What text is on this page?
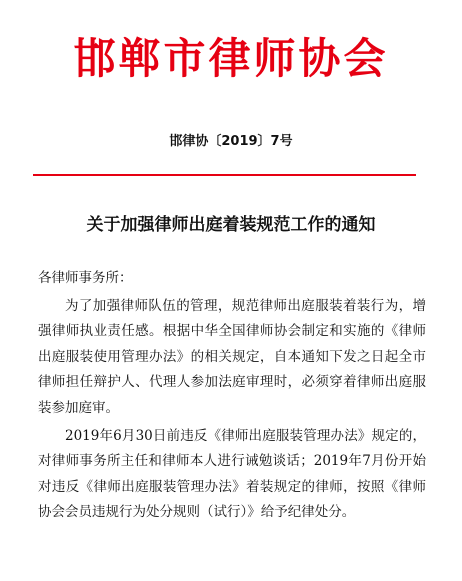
邯郸市律师协会
邯律协〔2019〕7号
关于加强律师出庭着装规范工作的通知

各律师事务所：

为了加强律师队伍的管理，规范律师出庭服装着装行为，增强律师执业责任感。根据中华全国律师协会制定和实施的《律师出庭服装使用管理办法》的相关规定，自本通知下发之日起全市律师担任辩护人、代理人参加法庭审理时，必须穿着律师出庭服装参加庭审。

2019年6月30日前违反《律师出庭服装管理办法》规定的，对律师事务所主任和律师本人进行诫勉谈话；2019年7月份开始对违反《律师出庭服装管理办法》着装规定的律师，按照《律师协会会员违规行为处分规则（试行）》给予纪律处分。
